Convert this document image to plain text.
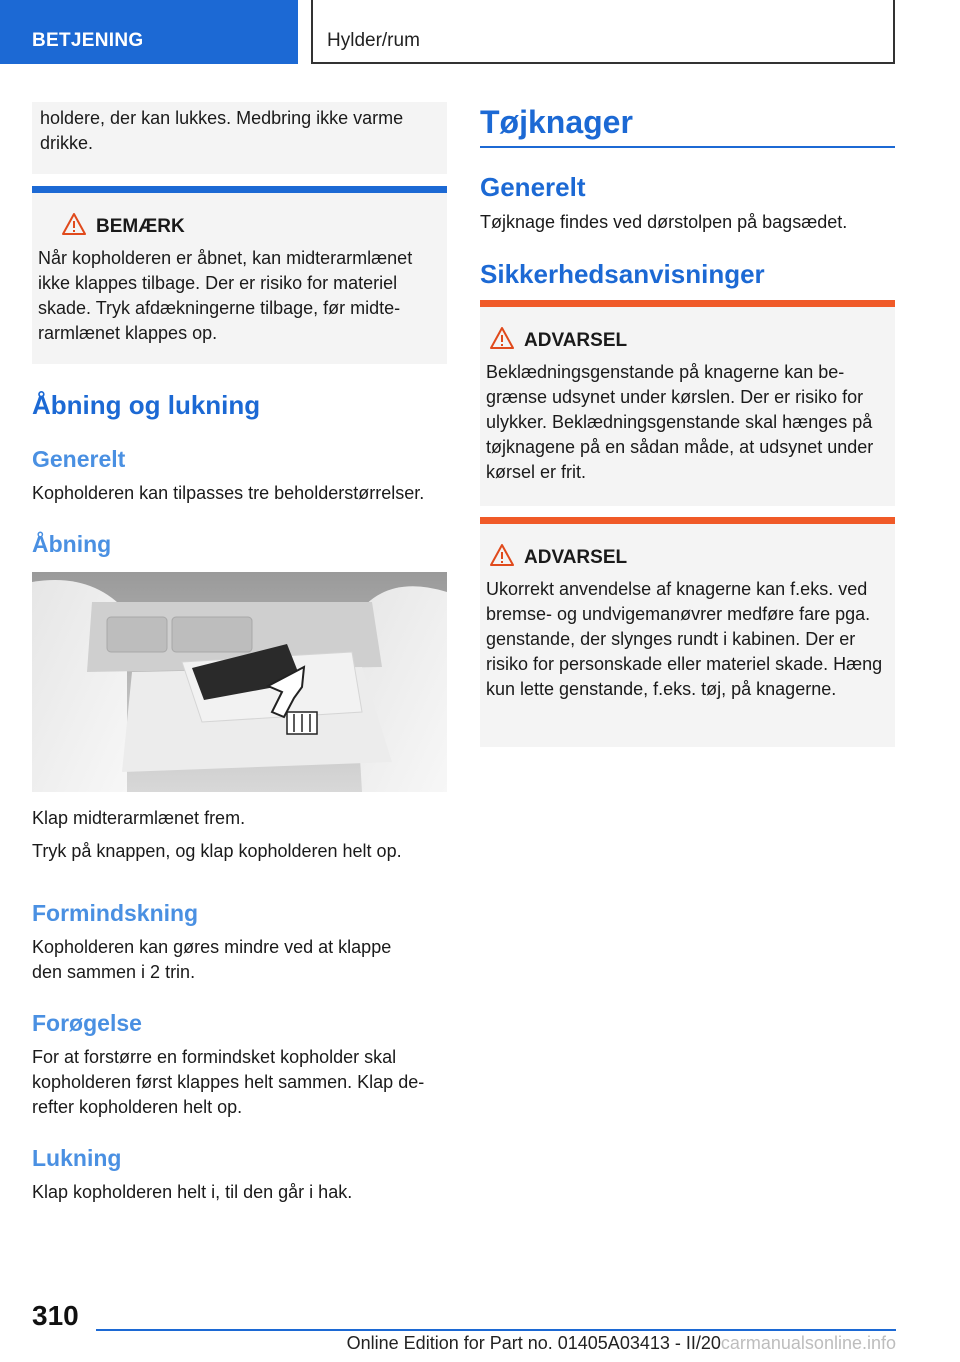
BETJENING	Hylder/rum

holdere, der kan lukkes. Medbring ikke varme drikke.

BEMÆRK

Når kopholderen er åbnet, kan midterarmlænet ikke klappes tilbage. Der er risiko for materiel skade. Tryk afdækningerne tilbage, før midte-rarmlænet klappes op.

Åbning og lukning
Generelt

Kopholderen kan tilpasses tre beholderstørrelser.

Åbning

Klap midterarmlænet frem.

Tryk på knappen, og klap kopholderen helt op.

Formindskning

Kopholderen kan gøres mindre ved at klappe den sammen i 2 trin.

Forøgelse

For at forstørre en formindsket kopholder skal kopholderen først klappes helt sammen. Klap de-refter kopholderen helt op.

Lukning

Klap kopholderen helt i, til den går i hak.

Tøjknager
Generelt

Tøjknage findes ved dørstolpen på bagsædet.

Sikkerhedsanvisninger
ADVARSEL

Beklædningsgenstande på knagerne kan be-grænse udsynet under kørslen. Der er risiko for ulykker. Beklædningsgenstande skal hænges på tøjknagene på en sådan måde, at udsynet under kørsel er frit.

ADVARSEL

Ukorrekt anvendelse af knagerne kan f.eks. ved bremse- og undvigemanøvrer medføre fare pga. genstande, der slynges rundt i kabinen. Der er risiko for personskade eller materiel skade. Hæng kun lette genstande, f.eks. tøj, på knagerne.

310
Online Edition for Part no. 01405A03413 - II/20carmanualsonline.info
